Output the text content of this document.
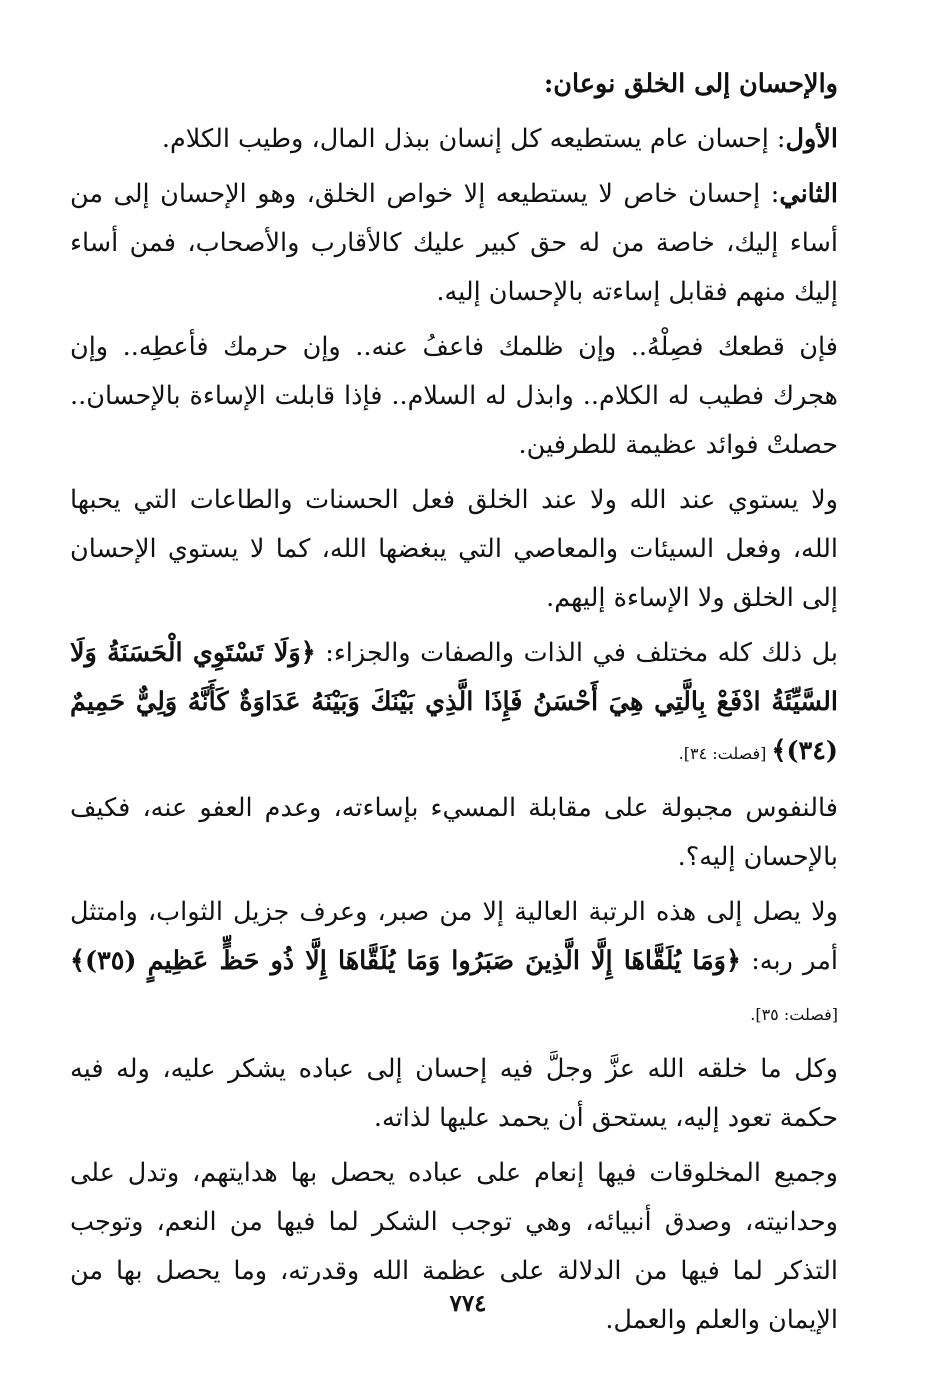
والإحسان إلى الخلق نوعان:

الأول: إحسان عام يستطيعه كل إنسان ببذل المال، وطيب الكلام.

الثاني: إحسان خاص لا يستطيعه إلا خواص الخلق، وهو الإحسان إلى من أساء إليك، خاصة من له حق كبير عليك كالأقارب والأصحاب، فمن أساء إليك منهم فقابل إساءته بالإحسان إليه.

فإن قطعك فصِلْهُ.. وإن ظلمك فاعفُ عنه.. وإن حرمك فأعطِه.. وإن هجرك فطيب له الكلام.. وابذل له السلام.. فإذا قابلت الإساءة بالإحسان.. حصلتْ فوائد عظيمة للطرفين.

ولا يستوي عند الله ولا عند الخلق فعل الحسنات والطاعات التي يحبها الله، وفعل السيئات والمعاصي التي يبغضها الله، كما لا يستوي الإحسان إلى الخلق ولا الإساءة إليهم.

بل ذلك كله مختلف في الذات والصفات والجزاء: ﴿وَلَا تَسْتَوِي الْحَسَنَةُ وَلَا السَّيِّئَةُ ادْفَعْ بِالَّتِي هِيَ أَحْسَنُ فَإِذَا الَّذِي بَيْنَكَ وَبَيْنَهُ عَدَاوَةٌ كَأَنَّهُ وَلِيٌّ حَمِيمٌ (٣٤)﴾ [فصلت: ٣٤].

فالنفوس مجبولة على مقابلة المسيء بإساءته، وعدم العفو عنه، فكيف بالإحسان إليه؟.

ولا يصل إلى هذه الرتبة العالية إلا من صبر، وعرف جزيل الثواب، وامتثل أمر ربه: ﴿وَمَا يُلَقَّاهَا إِلَّا الَّذِينَ صَبَرُوا وَمَا يُلَقَّاهَا إِلَّا ذُو حَظٍّ عَظِيمٍ (٣٥)﴾ [فصلت: ٣٥].

وكل ما خلقه الله عزَّ وجلَّ فيه إحسان إلى عباده يشكر عليه، وله فيه حكمة تعود إليه، يستحق أن يحمد عليها لذاته.

وجميع المخلوقات فيها إنعام على عباده يحصل بها هدايتهم، وتدل على وحدانيته، وصدق أنبيائه، وهي توجب الشكر لما فيها من النعم، وتوجب التذكر لما فيها من الدلالة على عظمة الله وقدرته، وما يحصل بها من الإيمان والعلم والعمل.

٧٧٤
